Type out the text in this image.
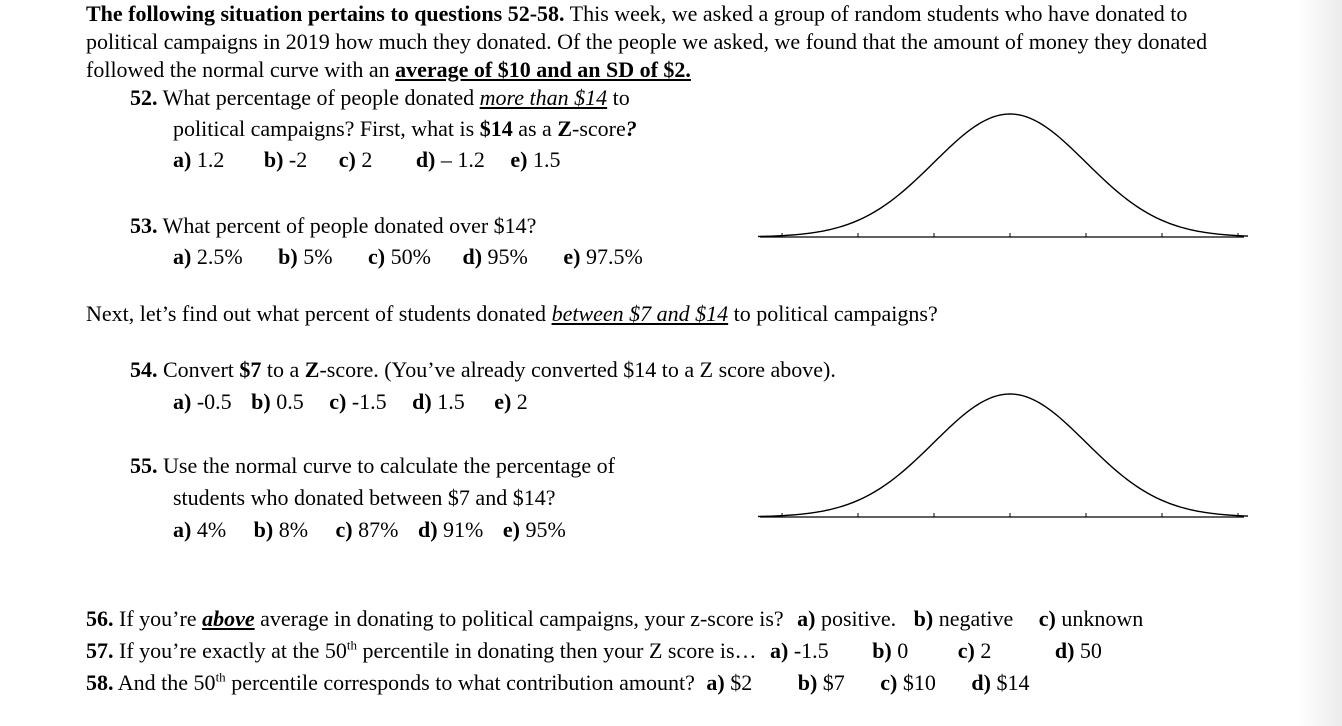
The following situation pertains to questions 52-58. This week, we asked a group of random students who have donated to
political campaigns in 2019 how much they donated. Of the people we asked, we found that the amount of money they donated
followed the normal curve with an average of $10 and an SD of $2.
52. What percentage of people donated more than $14 to
political campaigns? First, what is $14 as a Z-score?
a) 1.2 b) -2 c) 2 d) – 1.2 e) 1.5
53. What percent of people donated over $14?
a) 2.5% b) 5% c) 50% d) 95% e) 97.5%
Next, let’s find out what percent of students donated between $7 and $14 to political campaigns?
54. Convert $7 to a Z-score. (You’ve already converted $14 to a Z score above).
a) -0.5 b) 0.5 c) -1.5 d) 1.5 e) 2
55. Use the normal curve to calculate the percentage of
students who donated between $7 and $14?
a) 4% b) 8% c) 87% d) 91% e) 95%
56. If you’re above average in donating to political campaigns, your z-score is? a) positive. b) negative c) unknown
57. If you’re exactly at the 50th percentile in donating then your Z score is… a) -1.5 b) 0 c) 2	d) 50
58. And the 50th percentile corresponds to what contribution amount? a) $2 b) $7 c) $10 d) $14
